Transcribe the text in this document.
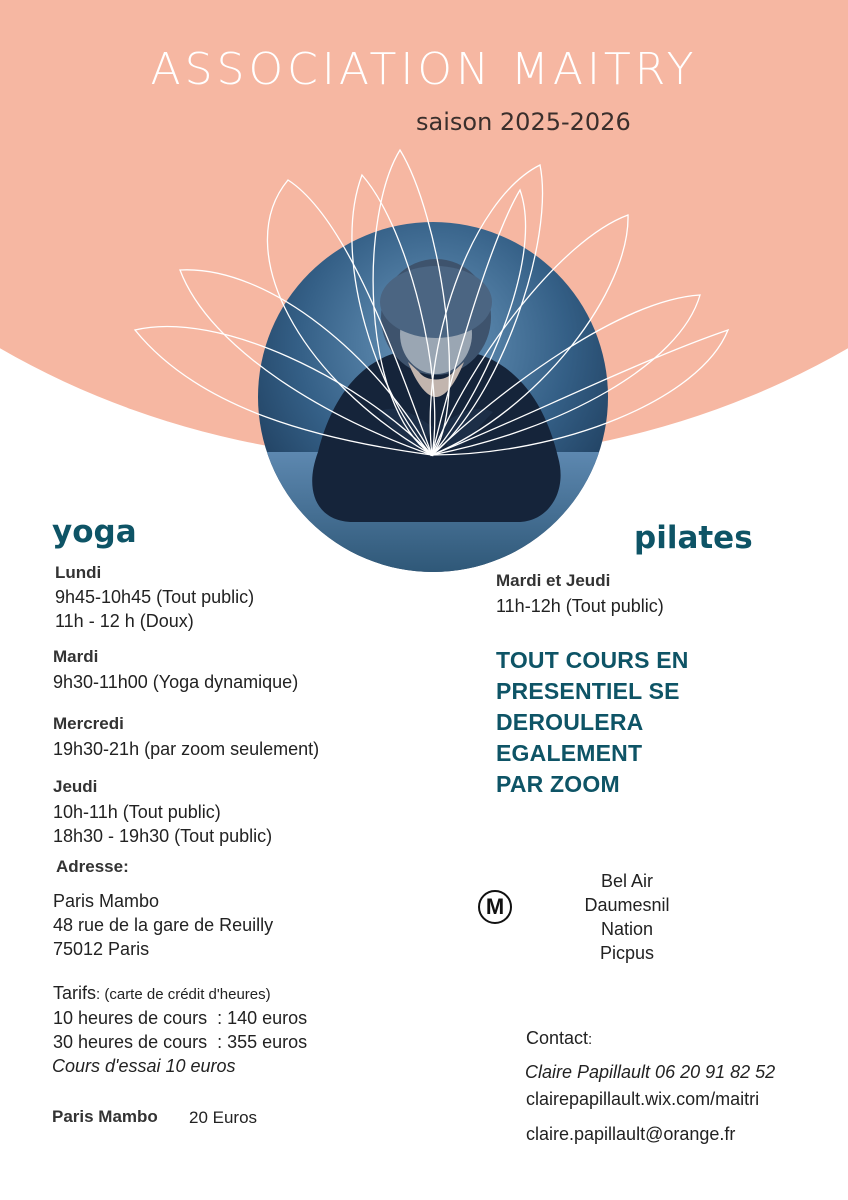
ASSOCIATION MAITRY
saison 2025-2026
yoga
Lundi
9h45-10h45 (Tout public)
11h - 12 h (Doux)
Mardi
9h30-11h00 (Yoga dynamique)
Mercredi
19h30-21h (par zoom seulement)
Jeudi
10h-11h (Tout public)
18h30 - 19h30 (Tout public)
Adresse:
Paris Mambo
48 rue de la gare de Reuilly
75012 Paris
Tarifs: (carte de crédit d'heures)
10 heures de cours  : 140 euros
30 heures de cours  : 355 euros
Cours d'essai 10 euros
Paris Mambo 20 Euros
pilates
Mardi et Jeudi
11h-12h (Tout public)
TOUT COURS EN
PRESENTIEL SE
DEROULERA
EGALEMENT
PAR ZOOM
M
Bel Air
Daumesnil
Nation
Picpus
Contact:
Claire Papillault 06 20 91 82 52
clairepapillault.wix.com/maitri
claire.papillault@orange.fr
